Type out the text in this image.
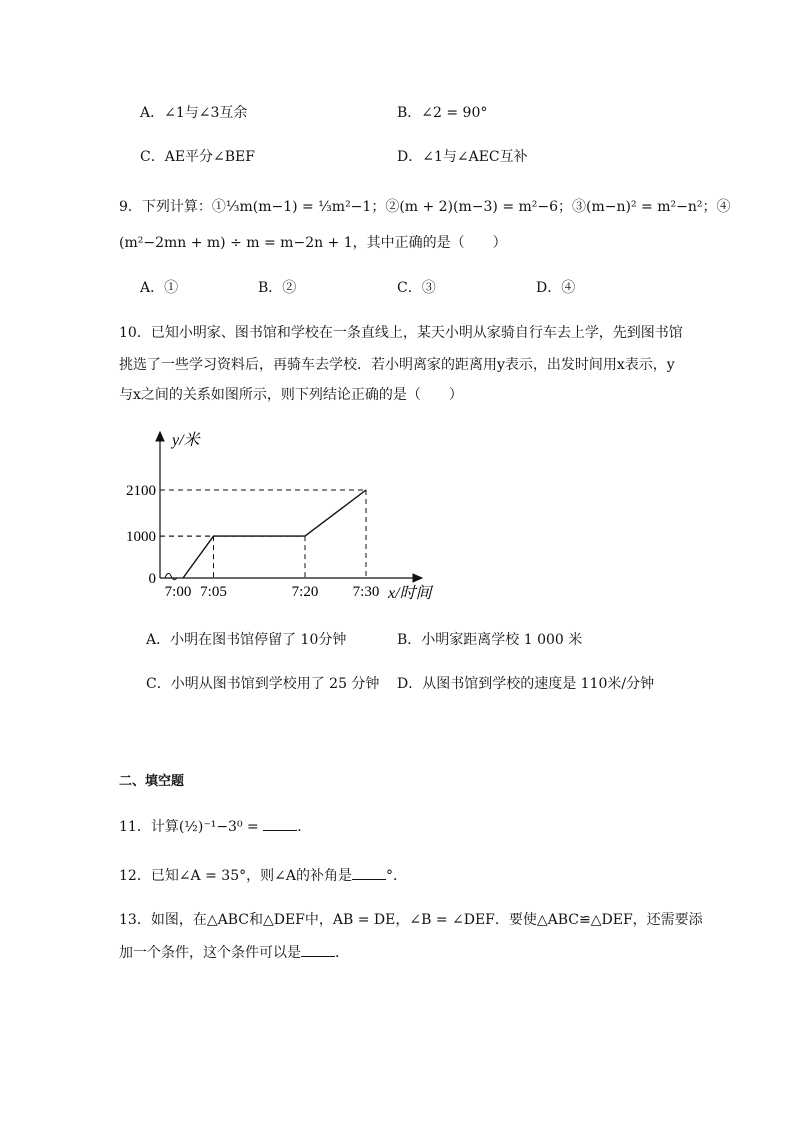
A．∠1与∠3互余	B．∠2 = 90°
C．AE平分∠BEF	D．∠1与∠AEC互补
9．下列计算：①⅓m(m−1) = ⅓m²−1；②(m + 2)(m−3) = m²−6；③(m−n)² = m²−n²；④
(m²−2mn + m) ÷ m = m−2n + 1，其中正确的是（　　）
A．①	B．②	C．③	D．④
10．已知小明家、图书馆和学校在一条直线上，某天小明从家骑自行车去上学，先到图书馆
挑选了一些学习资料后，再骑车去学校．若小明离家的距离用y表示，出发时间用x表示，y
与x之间的关系如图所示，则下列结论正确的是（　　）
y/米
x/时间
0
1000
2100
7:00 7:05	7:20 7:30
A．小明在图书馆停留了 10分钟	B．小明家距离学校 1 000 米
C．小明从图书馆到学校用了 25 分钟 D．从图书馆到学校的速度是 110米/分钟
二、填空题
11．计算(½)⁻¹−3⁰ =	．
12．已知∠A = 35°，则∠A的补角是 °．
13．如图，在△ABC和△DEF中，AB = DE，∠B = ∠DEF．要使△ABC≌△DEF，还需要添
加一个条件，这个条件可以是 ．
